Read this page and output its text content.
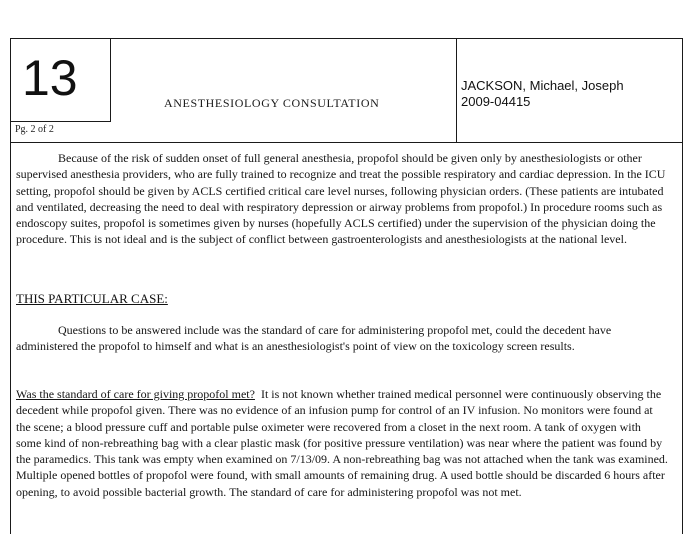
13
Pg. 2 of 2
ANESTHESIOLOGY CONSULTATION
JACKSON, Michael, Joseph
2009-04415
Because of the risk of sudden onset of full general anesthesia, propofol should be given only by anesthesiologists or other supervised anesthesia providers, who are fully trained to recognize and treat the possible respiratory and cardiac depression. In the ICU setting, propofol should be given by ACLS certified critical care level nurses, following physician orders. (These patients are intubated and ventilated, decreasing the need to deal with respiratory depression or airway problems from propofol.) In procedure rooms such as endoscopy suites, propofol is sometimes given by nurses (hopefully ACLS certified) under the supervision of the physician doing the procedure. This is not ideal and is the subject of conflict between gastroenterologists and anesthesiologists at the national level.
THIS PARTICULAR CASE:
Questions to be answered include was the standard of care for administering propofol met, could the decedent have administered the propofol to himself and what is an anesthesiologist's point of view on the toxicology screen results.
Was the standard of care for giving propofol met? It is not known whether trained medical personnel were continuously observing the decedent while propofol given. There was no evidence of an infusion pump for control of an IV infusion. No monitors were found at the scene; a blood pressure cuff and portable pulse oximeter were recovered from a closet in the next room. A tank of oxygen with some kind of non-rebreathing bag with a clear plastic mask (for positive pressure ventilation) was near where the patient was found by the paramedics. This tank was empty when examined on 7/13/09. A non-rebreathing bag was not attached when the tank was examined. Multiple opened bottles of propofol were found, with small amounts of remaining drug. A used bottle should be discarded 6 hours after opening, to avoid possible bacterial growth. The standard of care for administering propofol was not met.
